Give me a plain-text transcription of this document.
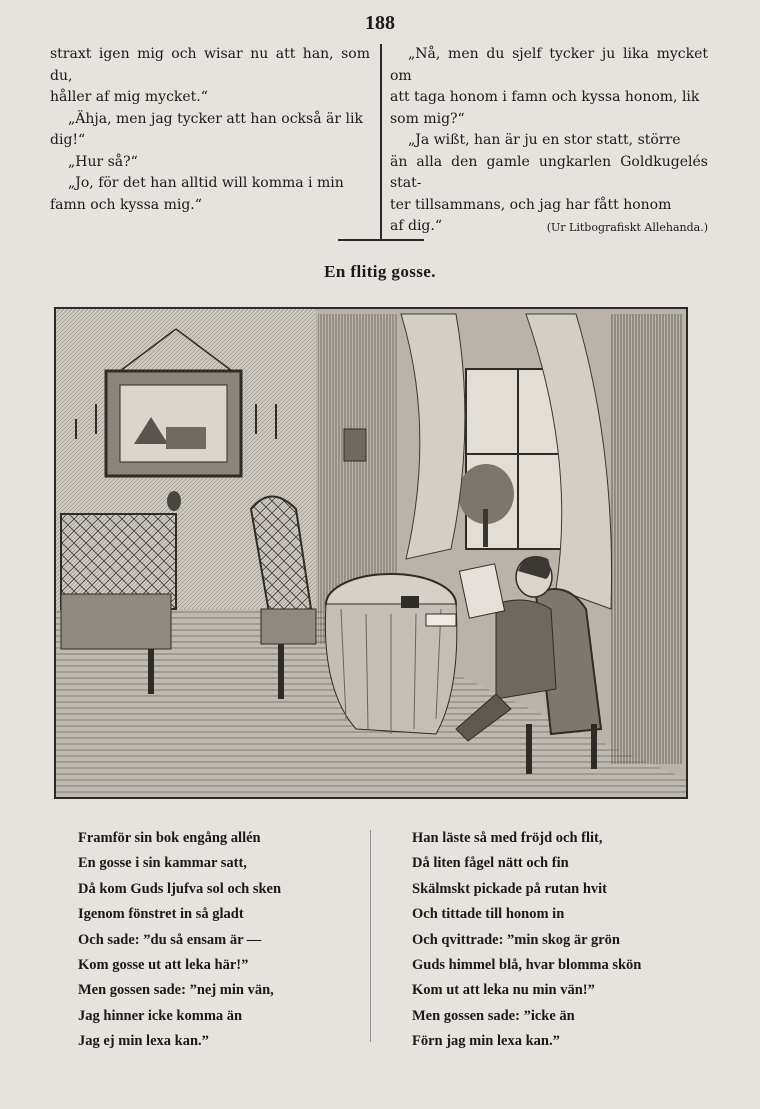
188

straxt igen mig och wisar nu att han, som du,

håller af mig mycket.“

„Ähja, men jag tycker att han också är lik

dig!“

„Hur så?“

„Jo, för det han alltid will komma i min

famn och kyssa mig.“

„Nå, men du sjelf tycker ju lika mycket om

att taga honom i famn och kyssa honom, lik

som mig?“

„Ja wißt, han är ju en stor statt, större

än alla den gamle ungkarlen Goldkugelés stat-

ter tillsammans, och jag har fått honom

af dig.“	(Ur Litbografiskt Allehanda.)

En flitig gosse.
Framför sin bok engång allén
En gosse i sin kammar satt,
Då kom Guds ljufva sol och sken
Igenom fönstret in så gladt
Och sade: ”du så ensam är —
Kom gosse ut att leka här!”
Men gossen sade: ”nej min vän,
Jag hinner icke komma än
Jag ej min lexa kan.”
Han läste så med fröjd och flit,
Då liten fågel nätt och fin
Skälmskt pickade på rutan hvit
Och tittade till honom in
Och qvittrade: ”min skog är grön
Guds himmel blå, hvar blomma skön
Kom ut att leka nu min vän!”
Men gossen sade: ”icke än
Förn jag min lexa kan.”
